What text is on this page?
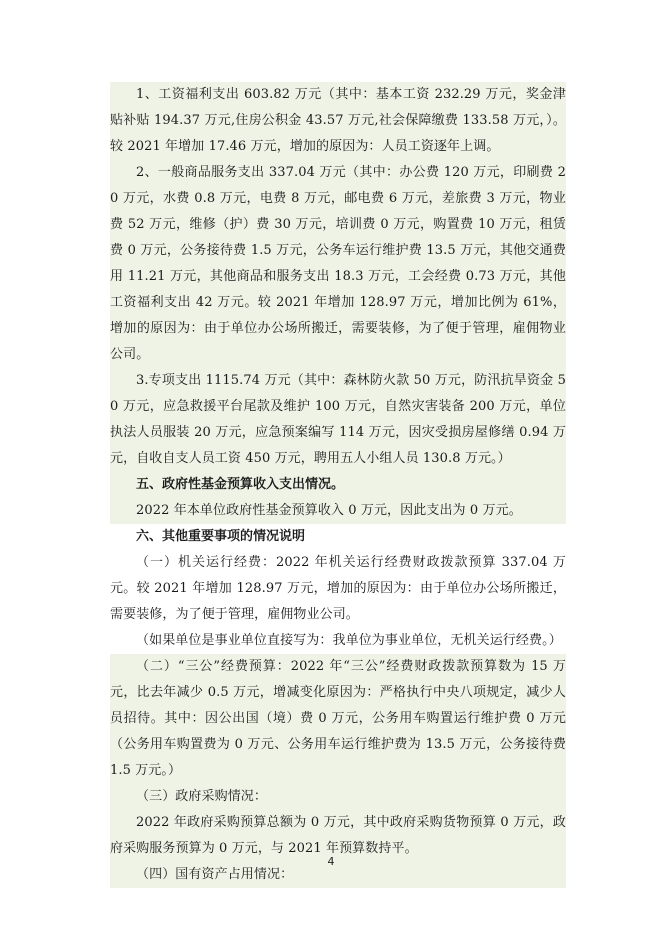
1、工资福利支出 603.82 万元（其中：基本工资 232.29 万元，奖金津贴补贴 194.37 万元,住房公积金 43.57 万元,社会保障缴费 133.58 万元，）。较 2021 年增加 17.46 万元，增加的原因为：人员工资逐年上调。

2、一般商品服务支出 337.04 万元（其中：办公费 120 万元，印刷费 20 万元，水费 0.8 万元，电费 8 万元，邮电费 6 万元，差旅费 3 万元，物业费 52 万元，维修（护）费 30 万元，培训费 0 万元，购置费 10 万元，租赁费 0 万元，公务接待费 1.5 万元，公务车运行维护费 13.5 万元，其他交通费用 11.21 万元，其他商品和服务支出 18.3 万元，工会经费 0.73 万元，其他工资福利支出 42 万元。较 2021 年增加 128.97 万元，增加比例为 61%，增加的原因为：由于单位办公场所搬迁，需要装修，为了便于管理，雇佣物业公司。

3.专项支出 1115.74 万元（其中：森林防火款 50 万元，防汛抗旱资金 50 万元，应急救援平台尾款及维护 100 万元，自然灾害装备 200 万元，单位执法人员服装 20 万元，应急预案编写 114 万元，因灾受损房屋修缮 0.94 万元，自收自支人员工资 450 万元，聘用五人小组人员 130.8 万元。）

五、政府性基金预算收入支出情况。

2022 年本单位政府性基金预算收入 0 万元，因此支出为 0 万元。

六、其他重要事项的情况说明

（一）机关运行经费：2022 年机关运行经费财政拨款预算 337.04 万元。较 2021 年增加 128.97 万元，增加的原因为：由于单位办公场所搬迁，需要装修，为了便于管理，雇佣物业公司。

（如果单位是事业单位直接写为：我单位为事业单位，无机关运行经费。）

（二）“三公”经费预算：2022 年“三公”经费财政拨款预算数为 15 万元，比去年减少 0.5 万元，增减变化原因为：严格执行中央八项规定，减少人员招待。其中：因公出国（境）费 0 万元，公务用车购置运行维护费 0 万元（公务用车购置费为 0 万元、公务用车运行维护费为 13.5 万元，公务接待费 1.5 万元。）

（三）政府采购情况：

2022 年政府采购预算总额为 0 万元，其中政府采购货物预算 0 万元，政府采购服务预算为 0 万元，与 2021 年预算数持平。

（四）国有资产占用情况：

4
